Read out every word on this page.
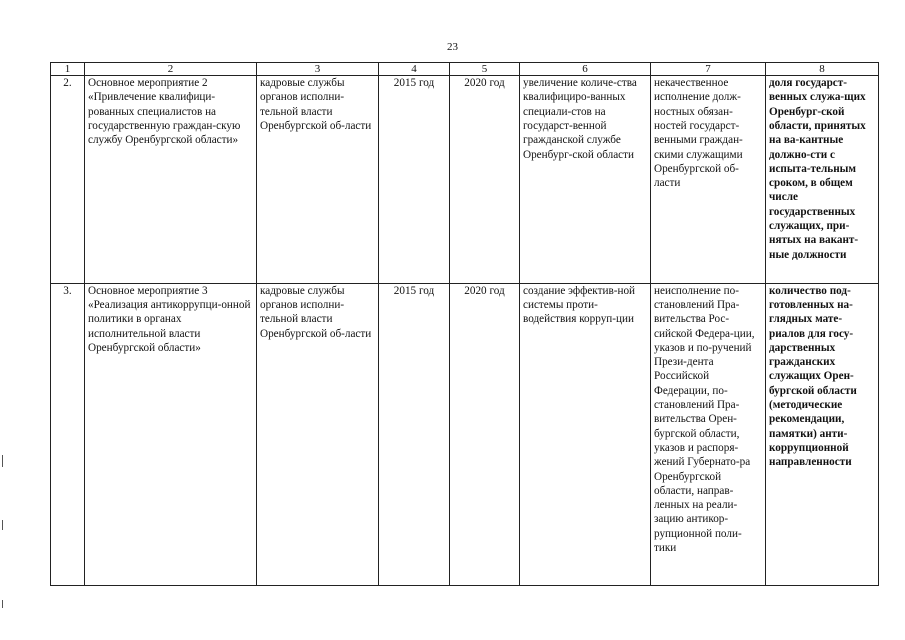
23
1	2	3	4	5	6	7	8
2.	Основное мероприятие 2 «Привлечение квалифици-рованных специалистов на государственную граждан-скую службу Оренбургской области»	кадровые службы органов исполни-тельной власти Оренбургской об-ласти	2015 год	2020 год	увеличение количе-ства квалифициро-ванных специали-стов на государст-венной гражданской службе Оренбург-ской области	некачественное исполнение долж-ностных обязан-ностей государст-венными граждан-скими служащими Оренбургской об-ласти	доля государст-венных служа-щих Оренбург-ской области, принятых на ва-кантные должно-сти с испыта-тельным сроком, в общем числе государственных служащих, при-нятых на вакант-ные должности
3.	Основное мероприятие 3 «Реализация антикоррупци-онной политики в органах исполнительной власти Оренбургской области»	кадровые службы органов исполни-тельной власти Оренбургской об-ласти	2015 год	2020 год	создание эффектив-ной системы проти-водействия корруп-ции	неисполнение по-становлений Пра-вительства Рос-сийской Федера-ции, указов и по-ручений Прези-дента Российской Федерации, по-становлений Пра-вительства Орен-бургской области, указов и распоря-жений Губернато-ра Оренбургской области, направ-ленных на реали-зацию антикор-рупционной поли-тики	количество под-готовленных на-глядных мате-риалов для госу-дарственных гражданских служащих Орен-бургской области (методические рекомендации, памятки) анти-коррупционной направленности
